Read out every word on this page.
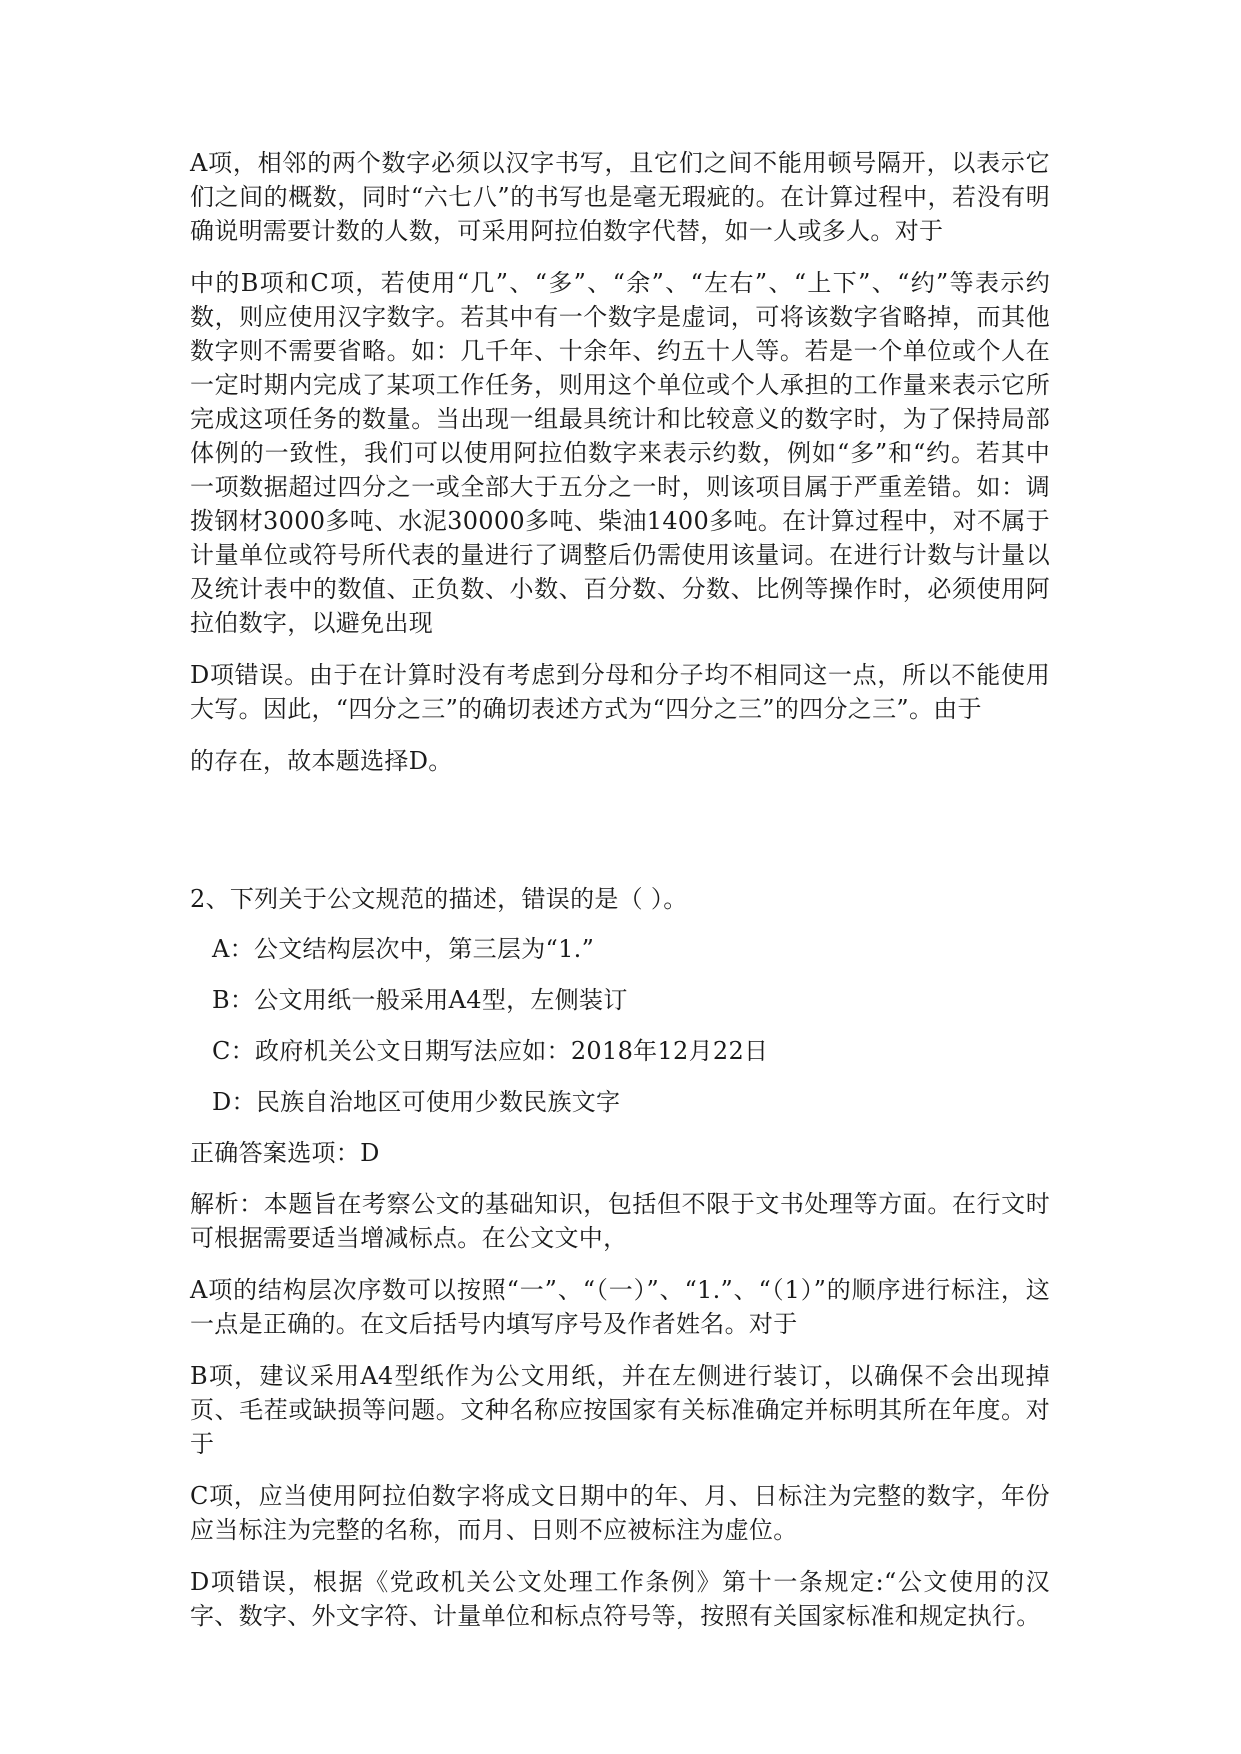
A项，相邻的两个数字必须以汉字书写，且它们之间不能用顿号隔开，以表示它们之间的概数，同时“六七八”的书写也是毫无瑕疵的。在计算过程中，若没有明确说明需要计数的人数，可采用阿拉伯数字代替，如一人或多人。对于

中的B项和C项，若使用“几”、“多”、“余”、“左右”、“上下”、“约”等表示约数，则应使用汉字数字。若其中有一个数字是虚词，可将该数字省略掉，而其他数字则不需要省略。如：几千年、十余年、约五十人等。若是一个单位或个人在一定时期内完成了某项工作任务，则用这个单位或个人承担的工作量来表示它所完成这项任务的数量。当出现一组最具统计和比较意义的数字时，为了保持局部体例的一致性，我们可以使用阿拉伯数字来表示约数，例如“多”和“约。若其中一项数据超过四分之一或全部大于五分之一时，则该项目属于严重差错。如：调拨钢材3000多吨、水泥30000多吨、柴油1400多吨。在计算过程中，对不属于计量单位或符号所代表的量进行了调整后仍需使用该量词。在进行计数与计量以及统计表中的数值、正负数、小数、百分数、分数、比例等操作时，必须使用阿拉伯数字，以避免出现

D项错误。由于在计算时没有考虑到分母和分子均不相同这一点，所以不能使用大写。因此，“四分之三”的确切表述方式为“四分之三”的四分之三”。由于

的存在，故本题选择D。

2、下列关于公文规范的描述，错误的是（ ）。

A：公文结构层次中，第三层为“1.”

B：公文用纸一般采用A4型，左侧装订

C：政府机关公文日期写法应如：2018年12月22日

D：民族自治地区可使用少数民族文字

正确答案选项：D

解析：本题旨在考察公文的基础知识，包括但不限于文书处理等方面。在行文时可根据需要适当增减标点。在公文文中，

A项的结构层次序数可以按照“一”、“（一）”、“1.”、“（1）”的顺序进行标注，这一点是正确的。在文后括号内填写序号及作者姓名。对于

B项，建议采用A4型纸作为公文用纸，并在左侧进行装订，以确保不会出现掉页、毛茬或缺损等问题。文种名称应按国家有关标准确定并标明其所在年度。对于

C项，应当使用阿拉伯数字将成文日期中的年、月、日标注为完整的数字，年份应当标注为完整的名称，而月、日则不应被标注为虚位。

D项错误，根据《党政机关公文处理工作条例》第十一条规定:“公文使用的汉字、数字、外文字符、计量单位和标点符号等，按照有关国家标准和规定执行。
